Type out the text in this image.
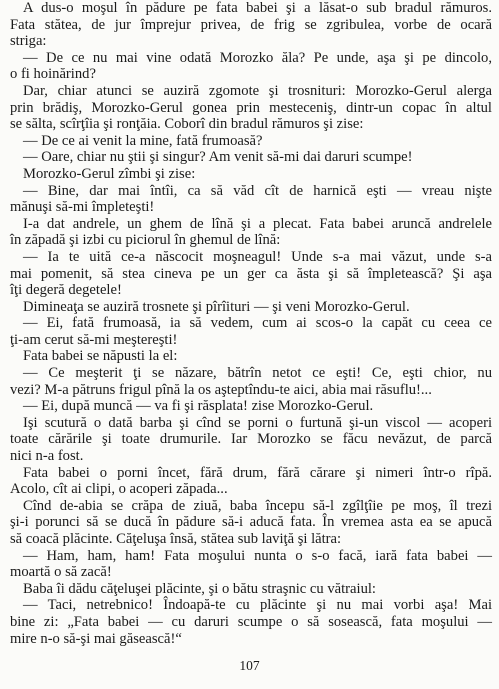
A dus-o moşul în pădure pe fata babei şi a lăsat-o sub bradul rămuros.
Fata stătea, de jur împrejur privea, de frig se zgribulea, vorbe de ocară
striga:
— De ce nu mai vine odată Morozko ăla? Pe unde, aşa şi pe dincolo,
o fi hoinărind?
Dar, chiar atunci se auziră zgomote şi trosnituri: Morozko-Gerul alerga
prin brădiş, Morozko-Gerul gonea prin mesteceniş, dintr-un copac în altul
se sălta, scîrţîia şi ronţăia. Coborî din bradul rămuros şi zise:
— De ce ai venit la mine, fată frumoasă?
— Oare, chiar nu ştii şi singur? Am venit să-mi dai daruri scumpe!
Morozko-Gerul zîmbi şi zise:
— Bine, dar mai întîi, ca să văd cît de harnică eşti — vreau nişte
mănuşi să-mi împleteşti!
I-a dat andrele, un ghem de lînă şi a plecat. Fata babei aruncă andrelele
în zăpadă şi izbi cu piciorul în ghemul de lînă:
— Ia te uită ce-a născocit moşneagul! Unde s-a mai văzut, unde s-a
mai pomenit, să stea cineva pe un ger ca ăsta şi să împletească? Şi aşa
îţi degeră degetele!
Dimineaţa se auziră trosnete şi pîrîituri — şi veni Morozko-Gerul.
— Ei, fată frumoasă, ia să vedem, cum ai scos-o la capăt cu ceea ce
ţi-am cerut să-mi meştereşti!
Fata babei se năpusti la el:
— Ce meşterit ţi se năzare, bătrîn netot ce eşti! Ce, eşti chior, nu
vezi? M-a pătruns frigul pînă la os aşteptîndu-te aici, abia mai răsuflu!...
— Ei, după muncă — va fi şi răsplata! zise Morozko-Gerul.
Işi scutură o dată barba şi cînd se porni o furtună şi-un viscol — acoperi
toate cărările şi toate drumurile. Iar Morozko se făcu nevăzut, de parcă
nici n-a fost.
Fata babei o porni încet, fără drum, fără cărare şi nimeri într-o rîpă.
Acolo, cît ai clipi, o acoperi zăpada...
Cînd de-abia se crăpa de ziuă, baba începu să-l zgîlţîie pe moş, îl trezi
şi-i porunci să se ducă în pădure să-i aducă fata. În vremea asta ea se apucă
să coacă plăcinte. Căţeluşa însă, stătea sub laviţă şi lătra:
— Ham, ham, ham! Fata moşului nunta o s-o facă, iară fata babei —
moartă o să zacă!
Baba îi dădu căţeluşei plăcinte, şi o bătu straşnic cu vătraiul:
— Taci, netrebnico! Îndoapă-te cu plăcinte şi nu mai vorbi aşa! Mai
bine zi: „Fata babei — cu daruri scumpe o să sosească, fata moşului —
mire n-o să-şi mai găsească!“
107
